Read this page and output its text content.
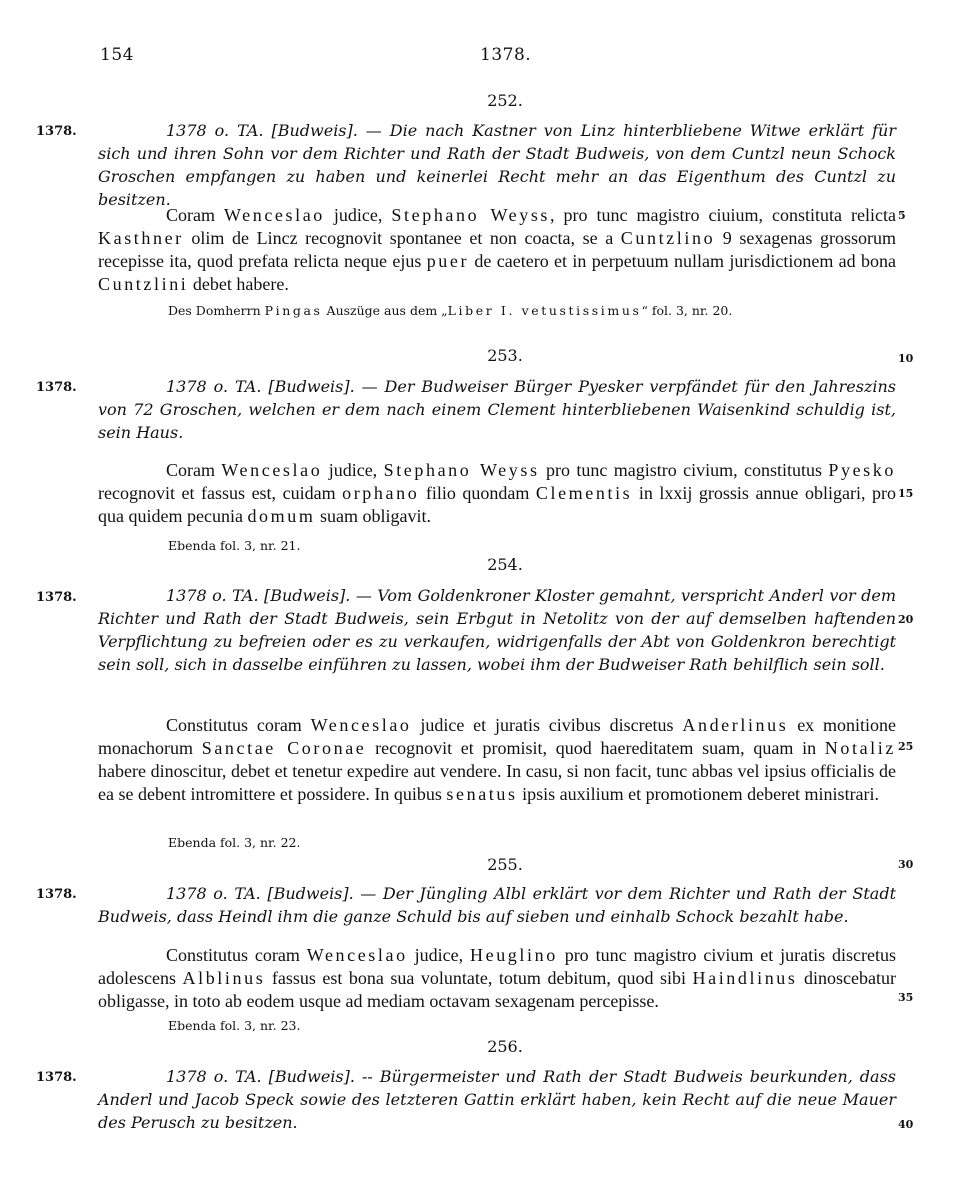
154	1378.
252.
1378.	1378 o. TA. [Budweis]. — Die nach Kastner von Linz hinterbliebene Witwe erklärt für sich und ihren Sohn vor dem Richter und Rath der Stadt Budweis, von dem Cuntzl neun Schock Groschen empfangen zu haben und keinerlei Recht mehr an das Eigenthum des Cuntzl zu besitzen.

Coram Wenceslao judice, Stephano Weyss, pro tunc magistro ciuium, constituta relicta Kasthner olim de Lincz recognovit spontanee et non coacta, se a Cuntzlino 9 sexagenas grossorum recepisse ita, quod prefata relicta neque ejus puer de caetero et in perpetuum nullam jurisdictionem ad bona Cuntzlini debet habere.

Des Domherrn Pingas Auszüge aus dem „Liber I. vetustissimus“ fol. 3, nr. 20.
253.
1378.	1378 o. TA. [Budweis]. — Der Budweiser Bürger Pyesker verpfändet für den Jahreszins von 72 Groschen, welchen er dem nach einem Clement hinterbliebenen Waisenkind schuldig ist, sein Haus.

Coram Wenceslao judice, Stephano Weyss pro tunc magistro civium, constitutus Pyesko recognovit et fassus est, cuidam orphano filio quondam Clementis in lxxij grossis annue obligari, pro qua quidem pecunia domum suam obligavit.

Ebenda fol. 3, nr. 21.
254.
1378.	1378 o. TA. [Budweis]. — Vom Goldenkroner Kloster gemahnt, verspricht Anderl vor dem Richter und Rath der Stadt Budweis, sein Erbgut in Netolitz von der auf demselben haftenden Verpflichtung zu befreien oder es zu verkaufen, widrigenfalls der Abt von Goldenkron berechtigt sein soll, sich in dasselbe einführen zu lassen, wobei ihm der Budweiser Rath behilflich sein soll.

Constitutus coram Wenceslao judice et juratis civibus discretus Anderlinus ex monitione monachorum Sanctae Coronae recognovit et promisit, quod haereditatem suam, quam in Notaliz habere dinoscitur, debet et tenetur expedire aut vendere. In casu, si non facit, tunc abbas vel ipsius officialis de ea se debent intromittere et possidere. In quibus senatus ipsis auxilium et promotionem deberet ministrari.

Ebenda fol. 3, nr. 22.
255.
1378.	1378 o. TA. [Budweis]. — Der Jüngling Albl erklärt vor dem Richter und Rath der Stadt Budweis, dass Heindl ihm die ganze Schuld bis auf sieben und einhalb Schock bezahlt habe.

Constitutus coram Wenceslao judice, Heuglino pro tunc magistro civium et juratis discretus adolescens Alblinus fassus est bona sua voluntate, totum debitum, quod sibi Haindlinus dinoscebatur obligasse, in toto ab eodem usque ad mediam octavam sexagenam percepisse.

Ebenda fol. 3, nr. 23.
256.
1378.	1378 o. TA. [Budweis]. -- Bürgermeister und Rath der Stadt Budweis beurkunden, dass Anderl und Jacob Speck sowie des letzteren Gattin erklärt haben, kein Recht auf die neue Mauer des Perusch zu besitzen.

5
10
15
20
25
30
35
40
